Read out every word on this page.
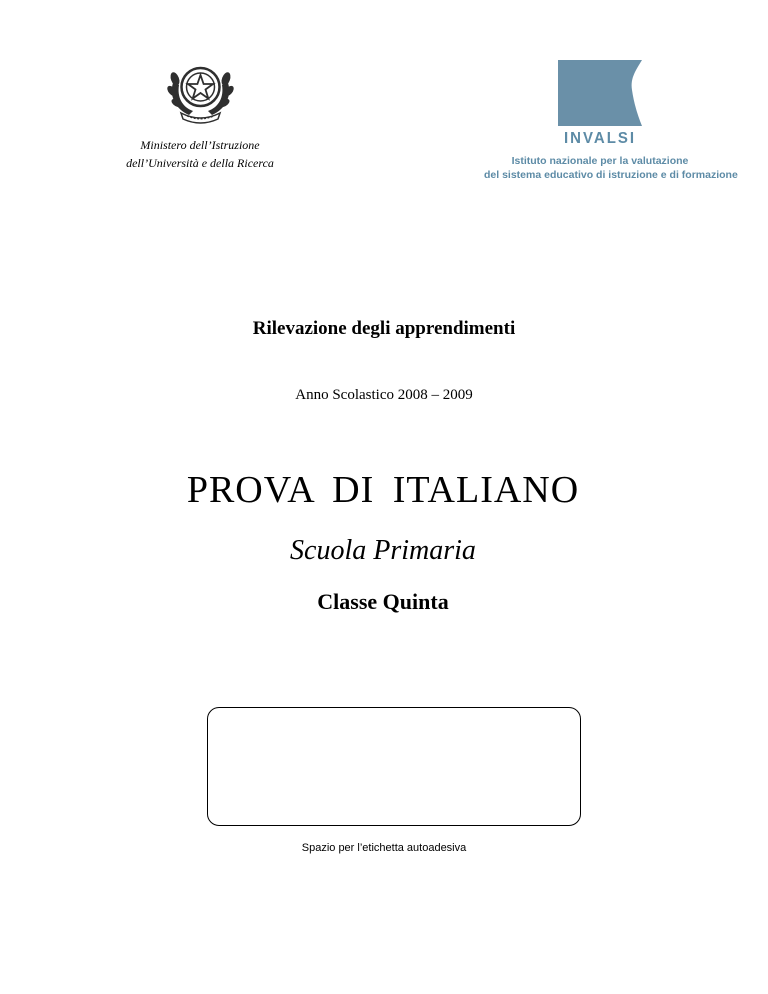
Ministero dell’Istruzione
dell’Università e della Ricerca
INVALSI
Istituto nazionale per la valutazione
del sistema educativo di istruzione e di formazione
Rilevazione degli apprendimenti
Anno Scolastico 2008 – 2009
PROVA DI ITALIANO
Scuola Primaria
Classe Quinta
Spazio per l’etichetta autoadesiva
